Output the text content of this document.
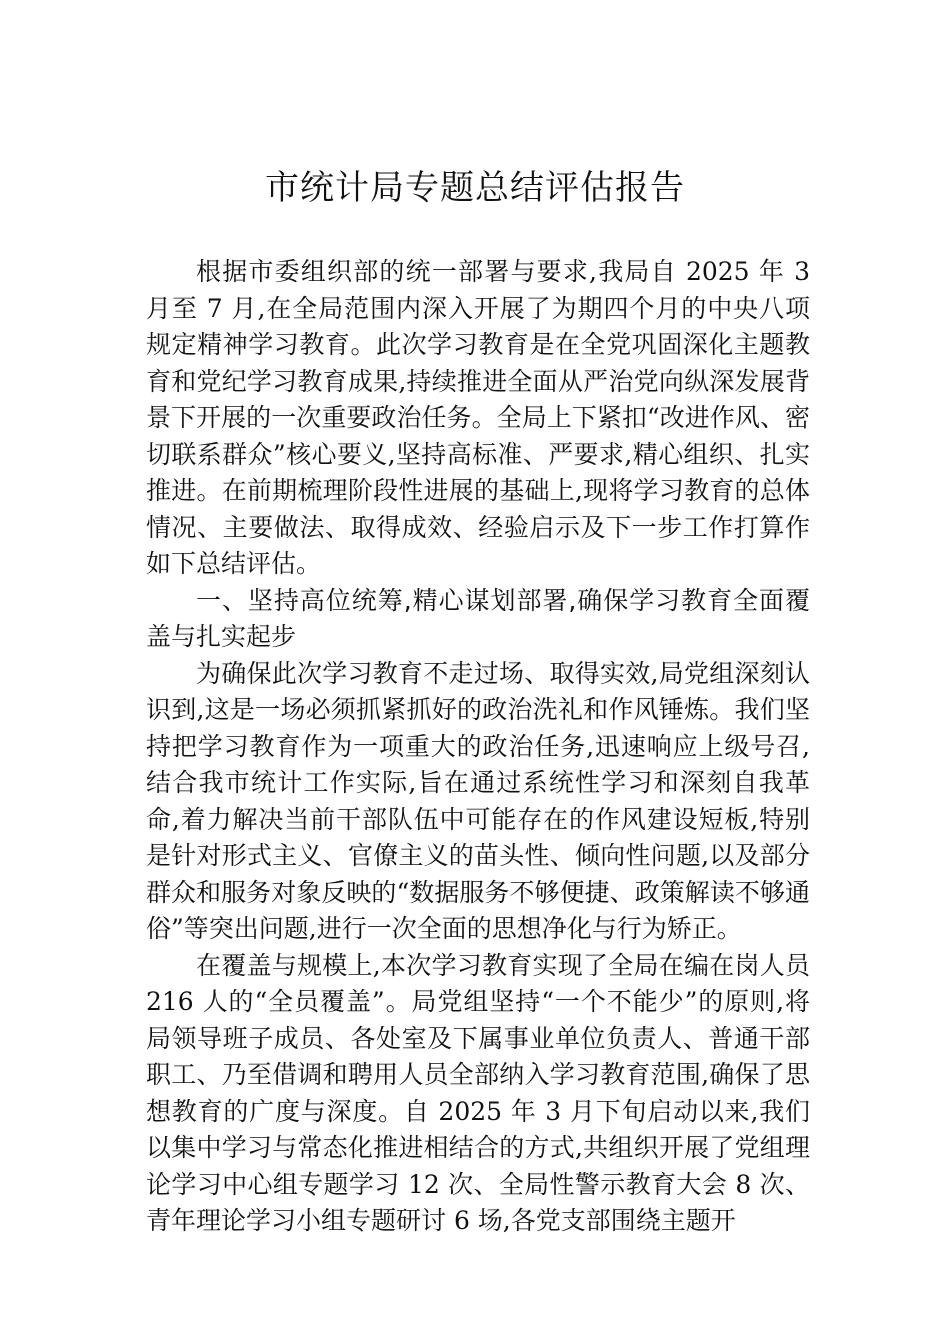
市统计局专题总结评估报告

根据市委组织部的统一部署与要求,我局自 2025 年 3 月至 7 月,在全局范围内深入开展了为期四个月的中央八项规定精神学习教育。此次学习教育是在全党巩固深化主题教育和党纪学习教育成果,持续推进全面从严治党向纵深发展背景下开展的一次重要政治任务。全局上下紧扣“改进作风、密切联系群众”核心要义,坚持高标准、严要求,精心组织、扎实推进。在前期梳理阶段性进展的基础上,现将学习教育的总体情况、主要做法、取得成效、经验启示及下一步工作打算作如下总结评估。

一、坚持高位统筹,精心谋划部署,确保学习教育全面覆盖与扎实起步

为确保此次学习教育不走过场、取得实效,局党组深刻认识到,这是一场必须抓紧抓好的政治洗礼和作风锤炼。我们坚持把学习教育作为一项重大的政治任务,迅速响应上级号召,结合我市统计工作实际,旨在通过系统性学习和深刻自我革命,着力解决当前干部队伍中可能存在的作风建设短板,特别是针对形式主义、官僚主义的苗头性、倾向性问题,以及部分群众和服务对象反映的“数据服务不够便捷、政策解读不够通俗”等突出问题,进行一次全面的思想净化与行为矫正。

在覆盖与规模上,本次学习教育实现了全局在编在岗人员 216 人的“全员覆盖”。局党组坚持“一个不能少”的原则,将局领导班子成员、各处室及下属事业单位负责人、普通干部职工、乃至借调和聘用人员全部纳入学习教育范围,确保了思想教育的广度与深度。自 2025 年 3 月下旬启动以来,我们以集中学习与常态化推进相结合的方式,共组织开展了党组理论学习中心组专题学习 12 次、全局性警示教育大会 8 次、青年理论学习小组专题研讨 6 场,各党支部围绕主题开
